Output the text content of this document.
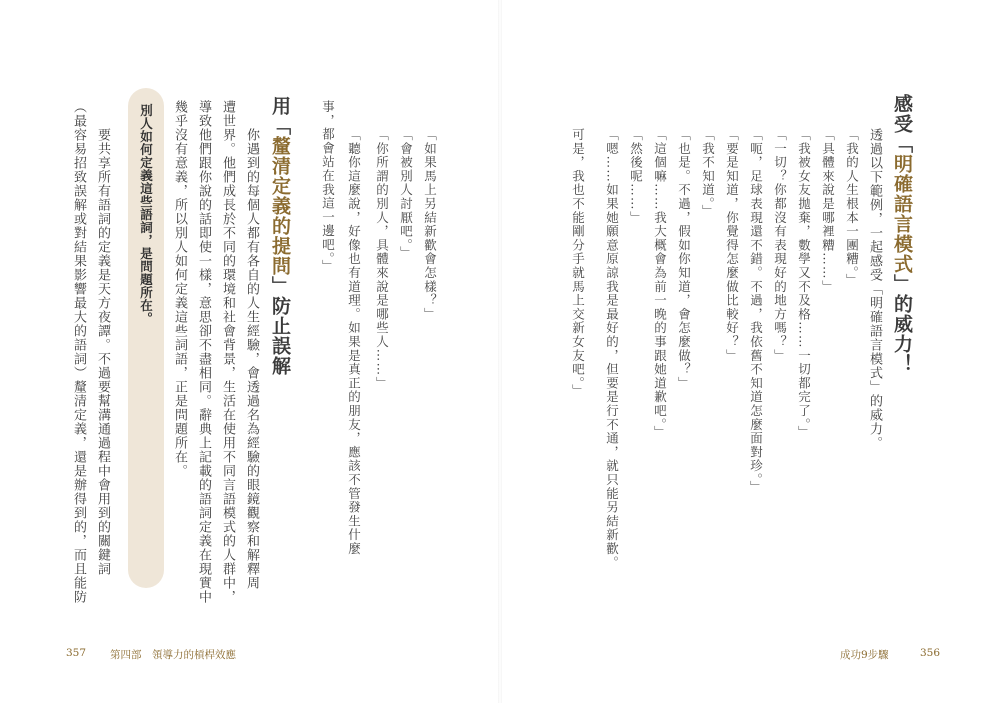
感受「明確語言模式」的威力！
透過以下範例，一起感受「明確語言模式」的威力。
「我的人生根本一團糟。」
「具體來說是哪裡糟……」
「我被女友拋棄，數學又不及格……一切都完了。」
「一切？你都沒有表現好的地方嗎？」
「呃，足球表現還不錯。不過，我依舊不知道怎麼面對珍。」
「要是知道，你覺得怎麼做比較好？」
「我不知道。」
「也是。不過，假如你知道，會怎麼做？」
「這個嘛……我大概會為前一晚的事跟她道歉吧。」
「然後呢……」
「嗯……如果她願意原諒我是最好的，但要是行不通，就只能另結新歡。
可是，我也不能剛分手就馬上交新女友吧。」
成功9步驟	356
「如果馬上另結新歡會怎樣？」
「會被別人討厭吧。」
「你所謂的別人，具體來說是哪些人……」
「聽你這麼說，好像也有道理。如果是真正的朋友，應該不管發生什麼
事，都會站在我這一邊吧。」
用「釐清定義的提問」防止誤解
你遇到的每個人都有各自的人生經驗，會透過名為經驗的眼鏡觀察和解釋周
遭世界。他們成長於不同的環境和社會背景，生活在使用不同言語模式的人群中，
導致他們跟你說的話即使一樣，意思卻不盡相同。辭典上記載的語詞定義在現實中
幾乎沒有意義，所以別人如何定義這些詞語，正是問題所在。
別人如何定義這些語詞，是問題所在。
要共享所有語詞的定義是天方夜譚。不過要幫溝通過程中會用到的關鍵詞
（最容易招致誤解或對結果影響最大的語詞）釐清定義，還是辦得到的，而且能防
357 第四部　領導力的槓桿效應
